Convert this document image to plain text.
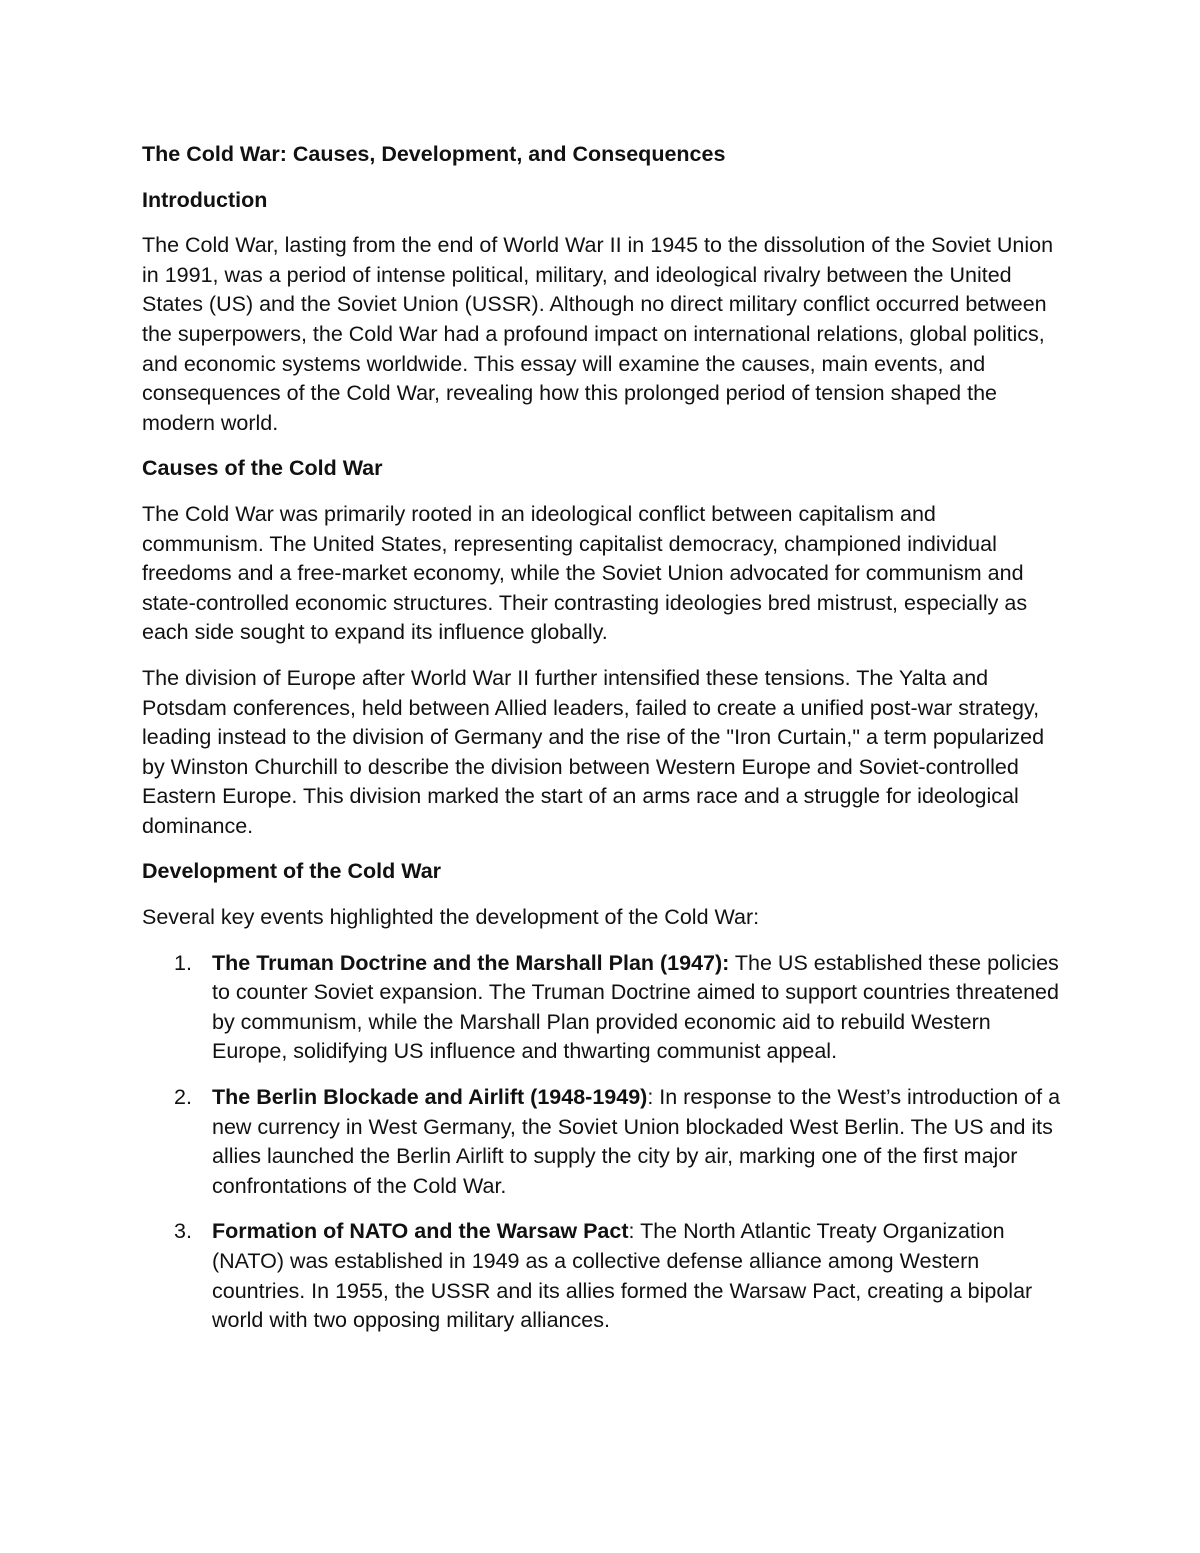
The Cold War: Causes, Development, and Consequences
Introduction

The Cold War, lasting from the end of World War II in 1945 to the dissolution of the Soviet Union in 1991, was a period of intense political, military, and ideological rivalry between the United States (US) and the Soviet Union (USSR). Although no direct military conflict occurred between the superpowers, the Cold War had a profound impact on international relations, global politics, and economic systems worldwide. This essay will examine the causes, main events, and consequences of the Cold War, revealing how this prolonged period of tension shaped the modern world.

Causes of the Cold War

The Cold War was primarily rooted in an ideological conflict between capitalism and communism. The United States, representing capitalist democracy, championed individual freedoms and a free-market economy, while the Soviet Union advocated for communism and state-controlled economic structures. Their contrasting ideologies bred mistrust, especially as each side sought to expand its influence globally.

The division of Europe after World War II further intensified these tensions. The Yalta and Potsdam conferences, held between Allied leaders, failed to create a unified post-war strategy, leading instead to the division of Germany and the rise of the "Iron Curtain," a term popularized by Winston Churchill to describe the division between Western Europe and Soviet-controlled Eastern Europe. This division marked the start of an arms race and a struggle for ideological dominance.

Development of the Cold War

Several key events highlighted the development of the Cold War:

1. The Truman Doctrine and the Marshall Plan (1947): The US established these policies to counter Soviet expansion. The Truman Doctrine aimed to support countries threatened by communism, while the Marshall Plan provided economic aid to rebuild Western Europe, solidifying US influence and thwarting communist appeal.
2. The Berlin Blockade and Airlift (1948-1949): In response to the West’s introduction of a new currency in West Germany, the Soviet Union blockaded West Berlin. The US and its allies launched the Berlin Airlift to supply the city by air, marking one of the first major confrontations of the Cold War.
3. Formation of NATO and the Warsaw Pact: The North Atlantic Treaty Organization (NATO) was established in 1949 as a collective defense alliance among Western countries. In 1955, the USSR and its allies formed the Warsaw Pact, creating a bipolar world with two opposing military alliances.
